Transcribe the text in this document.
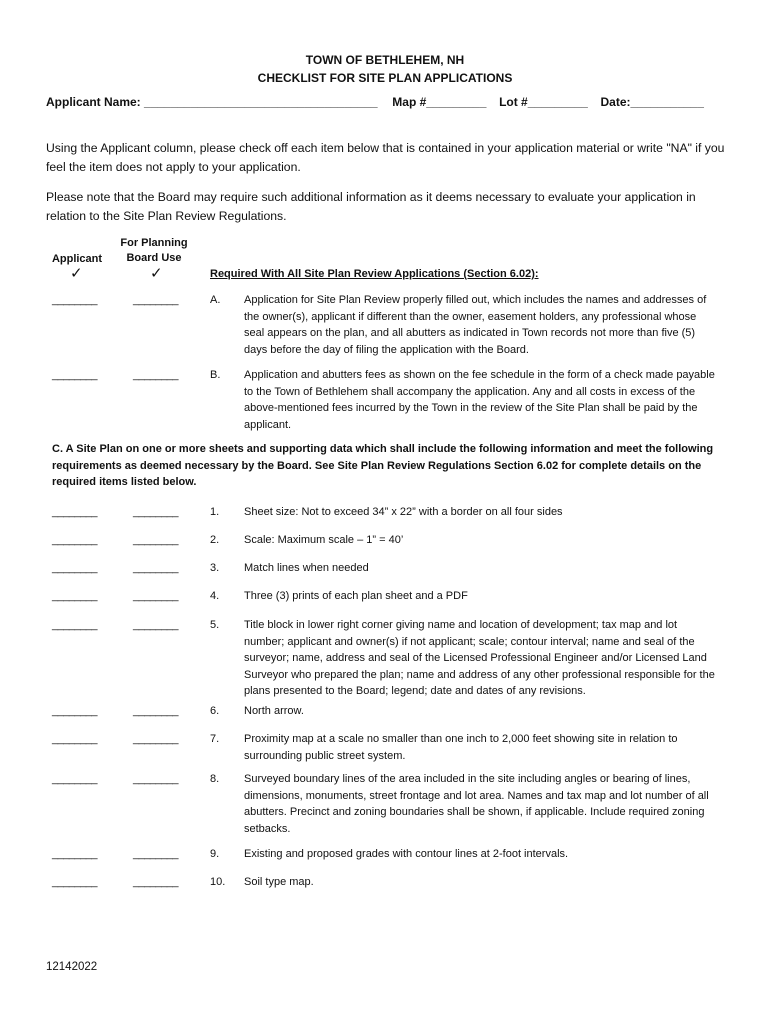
TOWN OF BETHLEHEM, NH
CHECKLIST FOR SITE PLAN APPLICATIONS
Applicant Name: ___________________________________ Map #_________ Lot #_________ Date:___________
Using the Applicant column, please check off each item below that is contained in your application material or write "NA" if you feel the item does not apply to your application.
Please note that the Board may require such additional information as it deems necessary to evaluate your application in relation to the Site Plan Review Regulations.
Applicant
For Planning Board Use
✓	✓	Required With All Site Plan Review Applications (Section 6.02):
________	________	A. Application for Site Plan Review properly filled out, which includes the names and addresses of the owner(s), applicant if different than the owner, easement holders, any professional whose seal appears on the plan, and all abutters as indicated in Town records not more than five (5) days before the day of filing the application with the Board.
________	________	B. Application and abutters fees as shown on the fee schedule in the form of a check made payable to the Town of Bethlehem shall accompany the application. Any and all costs in excess of the above-mentioned fees incurred by the Town in the review of the Site Plan shall be paid by the applicant.
C. A Site Plan on one or more sheets and supporting data which shall include the following information and meet the following requirements as deemed necessary by the Board. See Site Plan Review Regulations Section 6.02 for complete details on the required items listed below.
________	________	1. Sheet size: Not to exceed 34” x 22” with a border on all four sides
________	________	2. Scale: Maximum scale – 1” = 40’
________	________	3. Match lines when needed
________	________	4. Three (3) prints of each plan sheet and a PDF
________	________	5. Title block in lower right corner giving name and location of development; tax map and lot number; applicant and owner(s) if not applicant; scale; contour interval; name and seal of the surveyor; name, address and seal of the Licensed Professional Engineer and/or Licensed Land Surveyor who prepared the plan; name and address of any other professional responsible for the plans presented to the Board; legend; date and dates of any revisions.
________	________	6. North arrow.
________	________	7. Proximity map at a scale no smaller than one inch to 2,000 feet showing site in relation to surrounding public street system.
________	________	8. Surveyed boundary lines of the area included in the site including angles or bearing of lines, dimensions, monuments, street frontage and lot area. Names and tax map and lot number of all abutters. Precinct and zoning boundaries shall be shown, if applicable. Include required zoning setbacks.
________	________	9. Existing and proposed grades with contour lines at 2-foot intervals.
________	________	10. Soil type map.
12142022
